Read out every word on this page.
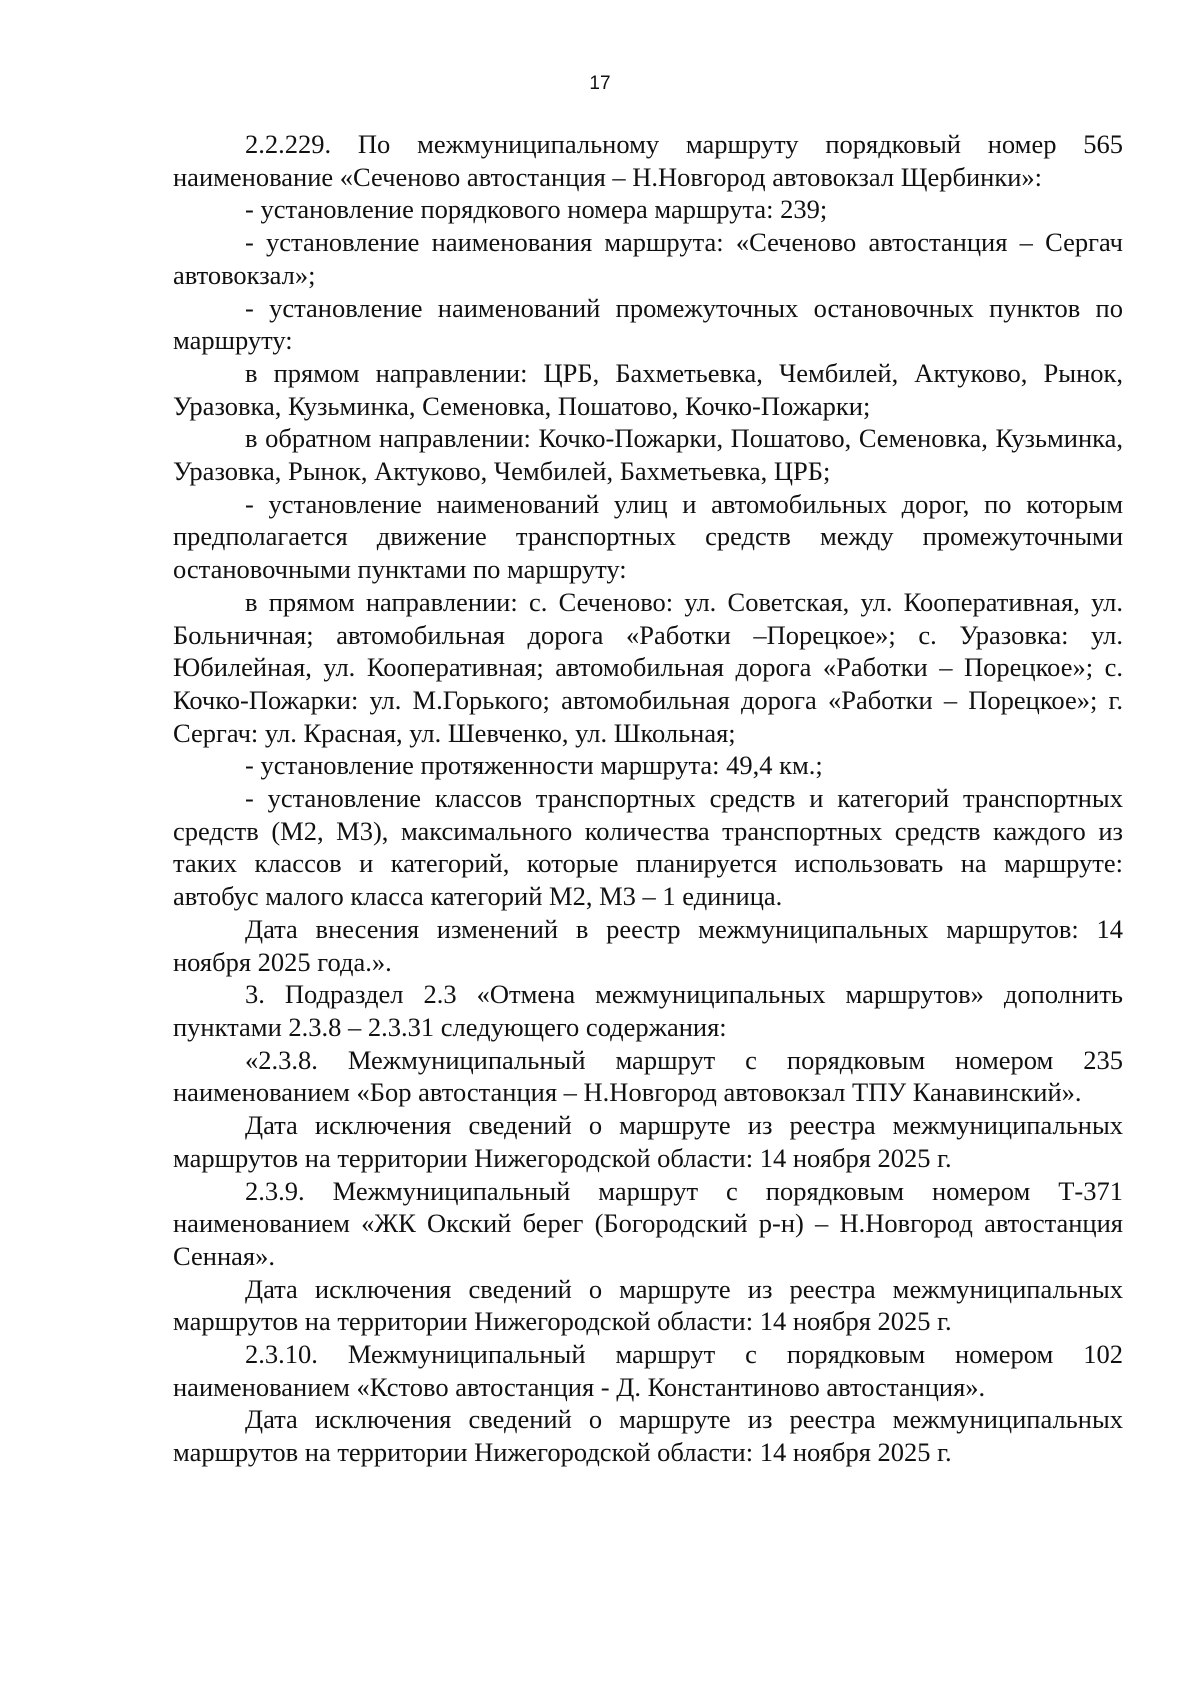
17

2.2.229. По межмуниципальному маршруту порядковый номер 565 наименование «Сеченово автостанция – Н.Новгород автовокзал Щербинки»:

- установление порядкового номера маршрута: 239;

- установление наименования маршрута: «Сеченово автостанция – Сергач автовокзал»;

- установление наименований промежуточных остановочных пунктов по маршруту:

в прямом направлении: ЦРБ, Бахметьевка, Чембилей, Актуково, Рынок, Уразовка, Кузьминка, Семеновка, Пошатово, Кочко-Пожарки;

в обратном направлении: Кочко-Пожарки, Пошатово, Семеновка, Кузьминка, Уразовка, Рынок, Актуково, Чембилей, Бахметьевка, ЦРБ;

- установление наименований улиц и автомобильных дорог, по которым предполагается движение транспортных средств между промежуточными остановочными пунктами по маршруту:

в прямом направлении: с. Сеченово: ул. Советская, ул. Кооперативная, ул. Больничная; автомобильная дорога «Работки –Порецкое»; с. Уразовка: ул. Юбилейная, ул. Кооперативная; автомобильная дорога «Работки – Порецкое»; с. Кочко-Пожарки: ул. М.Горького; автомобильная дорога «Работки – Порецкое»; г. Сергач: ул. Красная, ул. Шевченко, ул. Школьная;

- установление протяженности маршрута: 49,4 км.;

- установление классов транспортных средств и категорий транспортных средств (М2, М3), максимального количества транспортных средств каждого из таких классов и категорий, которые планируется использовать на маршруте: автобус малого класса категорий М2, М3 – 1 единица.

Дата внесения изменений в реестр межмуниципальных маршрутов: 14 ноября 2025 года.».

3. Подраздел 2.3 «Отмена межмуниципальных маршрутов» дополнить пунктами 2.3.8 – 2.3.31 следующего содержания:

«2.3.8. Межмуниципальный маршрут с порядковым номером 235 наименованием «Бор автостанция – Н.Новгород автовокзал ТПУ Канавинский».

Дата исключения сведений о маршруте из реестра межмуниципальных маршрутов на территории Нижегородской области: 14 ноября 2025 г.

2.3.9. Межмуниципальный маршрут с порядковым номером Т-371 наименованием «ЖК Окский берег (Богородский р-н) – Н.Новгород автостанция Сенная».

Дата исключения сведений о маршруте из реестра межмуниципальных маршрутов на территории Нижегородской области: 14 ноября 2025 г.

2.3.10. Межмуниципальный маршрут с порядковым номером 102 наименованием «Кстово автостанция - Д. Константиново автостанция».

Дата исключения сведений о маршруте из реестра межмуниципальных маршрутов на территории Нижегородской области: 14 ноября 2025 г.
